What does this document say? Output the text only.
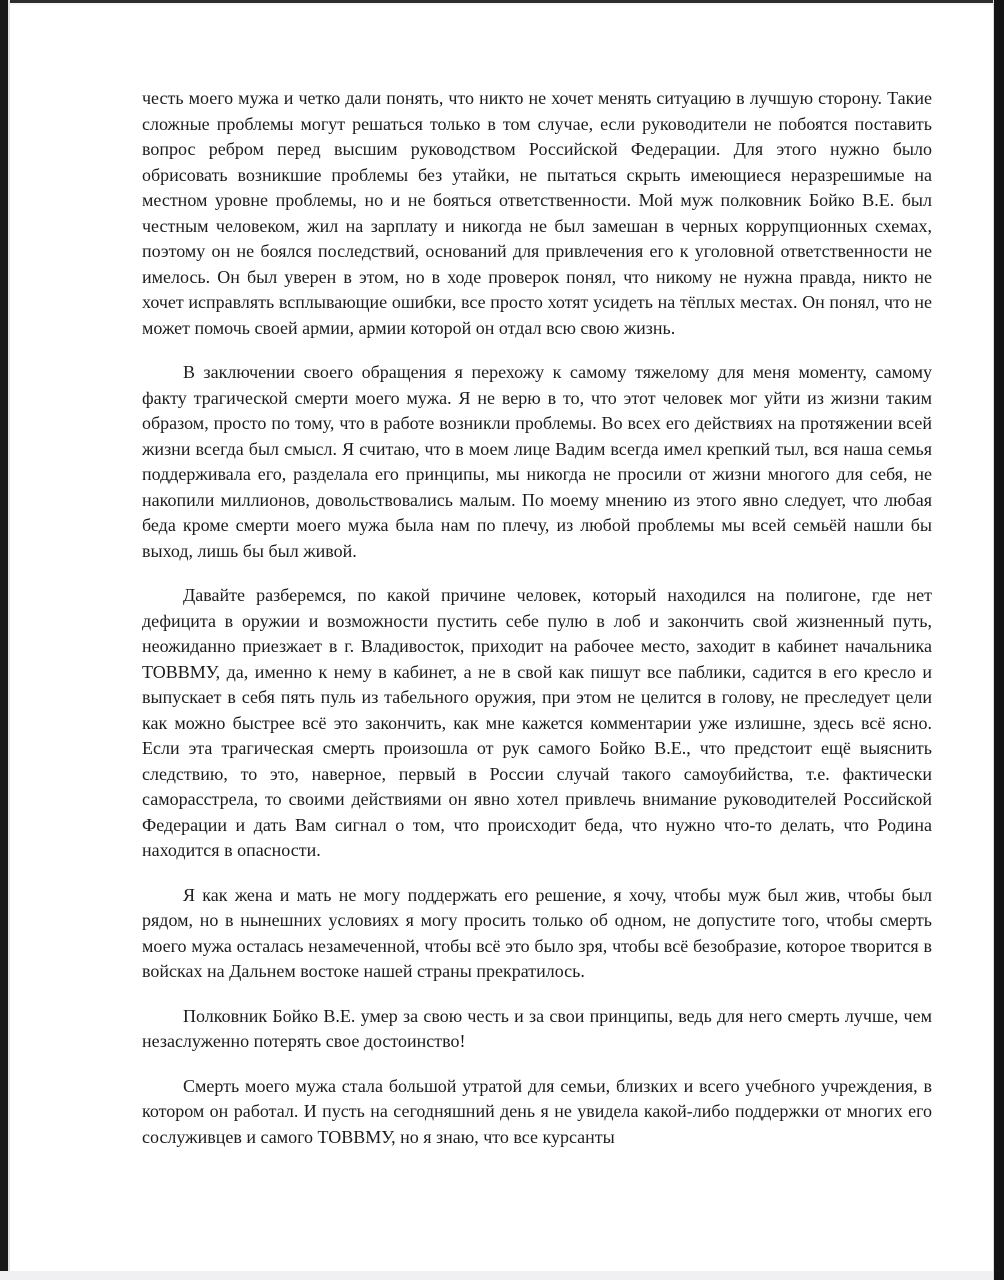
честь моего мужа и четко дали понять, что никто не хочет менять ситуацию в лучшую сторону. Такие сложные проблемы могут решаться только в том случае, если руководители не побоятся поставить вопрос ребром перед высшим руководством Российской Федерации. Для этого нужно было обрисовать возникшие проблемы без утайки, не пытаться скрыть имеющиеся неразрешимые на местном уровне проблемы, но и не бояться ответственности. Мой муж полковник Бойко В.Е. был честным человеком, жил на зарплату и никогда не был замешан в черных коррупционных схемах, поэтому он не боялся последствий, оснований для привлечения его к уголовной ответственности не имелось. Он был уверен в этом, но в ходе проверок понял, что никому не нужна правда, никто не хочет исправлять всплывающие ошибки, все просто хотят усидеть на тёплых местах. Он понял, что не может помочь своей армии, армии которой он отдал всю свою жизнь.

В заключении своего обращения я перехожу к самому тяжелому для меня моменту, самому факту трагической смерти моего мужа. Я не верю в то, что этот человек мог уйти из жизни таким образом, просто по тому, что в работе возникли проблемы. Во всех его действиях на протяжении всей жизни всегда был смысл. Я считаю, что в моем лице Вадим всегда имел крепкий тыл, вся наша семья поддерживала его, разделала его принципы, мы никогда не просили от жизни многого для себя, не накопили миллионов, довольствовались малым. По моему мнению из этого явно следует, что любая беда кроме смерти моего мужа была нам по плечу, из любой проблемы мы всей семьёй нашли бы выход, лишь бы был живой.

Давайте разберемся, по какой причине человек, который находился на полигоне, где нет дефицита в оружии и возможности пустить себе пулю в лоб и закончить свой жизненный путь, неожиданно приезжает в г. Владивосток, приходит на рабочее место, заходит в кабинет начальника ТОВВМУ, да, именно к нему в кабинет, а не в свой как пишут все паблики, садится в его кресло и выпускает в себя пять пуль из табельного оружия, при этом не целится в голову, не преследует цели как можно быстрее всё это закончить, как мне кажется комментарии уже излишне, здесь всё ясно. Если эта трагическая смерть произошла от рук самого Бойко В.Е., что предстоит ещё выяснить следствию, то это, наверное, первый в России случай такого самоубийства, т.е. фактически саморасстрела, то своими действиями он явно хотел привлечь внимание руководителей Российской Федерации и дать Вам сигнал о том, что происходит беда, что нужно что-то делать, что Родина находится в опасности.

Я как жена и мать не могу поддержать его решение, я хочу, чтобы муж был жив, чтобы был рядом, но в нынешних условиях я могу просить только об одном, не допустите того, чтобы смерть моего мужа осталась незамеченной, чтобы всё это было зря, чтобы всё безобразие, которое творится в войсках на Дальнем востоке нашей страны прекратилось.

Полковник Бойко В.Е. умер за свою честь и за свои принципы, ведь для него смерть лучше, чем незаслуженно потерять свое достоинство!

Смерть моего мужа стала большой утратой для семьи, близких и всего учебного учреждения, в котором он работал. И пусть на сегодняшний день я не увидела какой-либо поддержки от многих его сослуживцев и самого ТОВВМУ, но я знаю, что все курсанты
